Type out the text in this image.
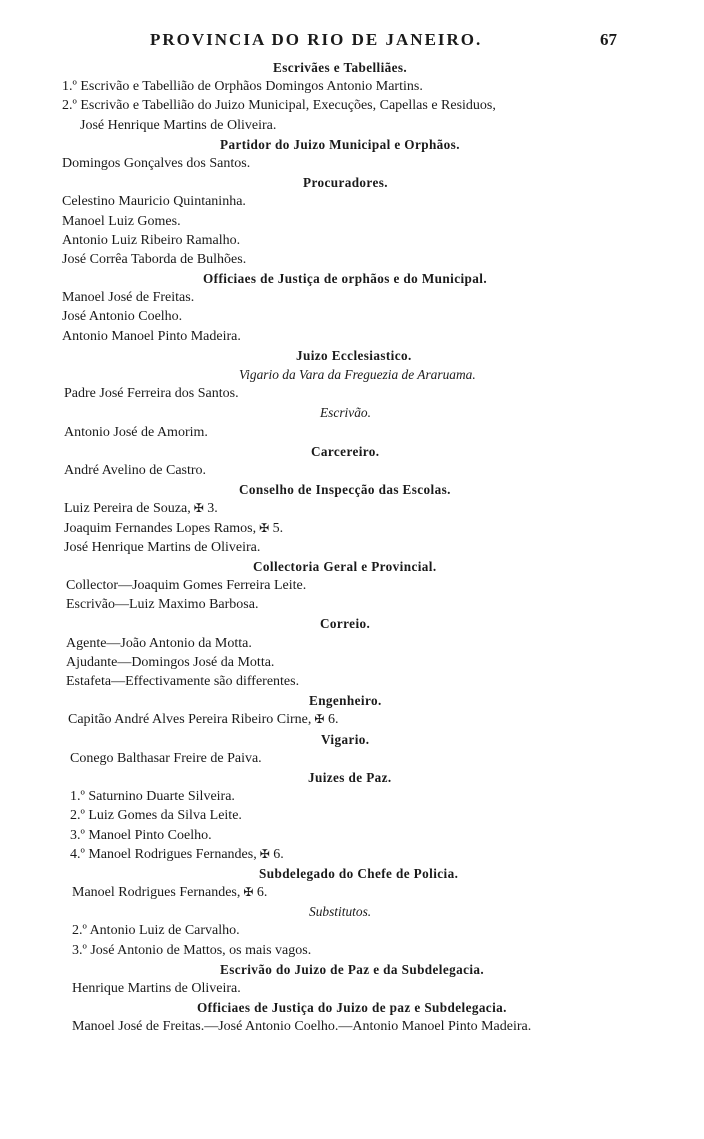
PROVINCIA DO RIO DE JANEIRO.	67
Escrivães e Tabelliães.
1.º Escrivão e Tabellião de Orphãos Domingos Antonio Martins.
2.º Escrivão e Tabellião do Juizo Municipal, Execuções, Capellas e Residuos,
José Henrique Martins de Oliveira.
Partidor do Juizo Municipal e Orphãos.
Domingos Gonçalves dos Santos.
Procuradores.
Celestino Mauricio Quintaninha.
Manoel Luiz Gomes.
Antonio Luiz Ribeiro Ramalho.
José Corrêa Taborda de Bulhões.
Officiaes de Justiça de orphãos e do Municipal.
Manoel José de Freitas.
José Antonio Coelho.
Antonio Manoel Pinto Madeira.
Juizo Ecclesiastico.
Vigario da Vara da Freguezia de Araruama.
Padre José Ferreira dos Santos.
Escrivão.
Antonio José de Amorim.
Carcereiro.
André Avelino de Castro.
Conselho de Inspecção das Escolas.
Luiz Pereira de Souza, ✠ 3.
Joaquim Fernandes Lopes Ramos, ✠ 5.
José Henrique Martins de Oliveira.
Collectoria Geral e Provincial.
Collector—Joaquim Gomes Ferreira Leite.
Escrivão—Luiz Maximo Barbosa.
Correio.
Agente—João Antonio da Motta.
Ajudante—Domingos José da Motta.
Estafeta—Effectivamente são differentes.
Engenheiro.
Capitão André Alves Pereira Ribeiro Cirne, ✠ 6.
Vigario.
Conego Balthasar Freire de Paiva.
Juizes de Paz.
1.º Saturnino Duarte Silveira.
2.º Luiz Gomes da Silva Leite.
3.º Manoel Pinto Coelho.
4.º Manoel Rodrigues Fernandes, ✠ 6.
Subdelegado do Chefe de Policia.
Manoel Rodrigues Fernandes, ✠ 6.
Substitutos.
2.º Antonio Luiz de Carvalho.
3.º José Antonio de Mattos, os mais vagos.
Escrivão do Juizo de Paz e da Subdelegacia.
Henrique Martins de Oliveira.
Officiaes de Justiça do Juizo de paz e Subdelegacia.
Manoel José de Freitas.—José Antonio Coelho.—Antonio Manoel Pinto Madeira.
